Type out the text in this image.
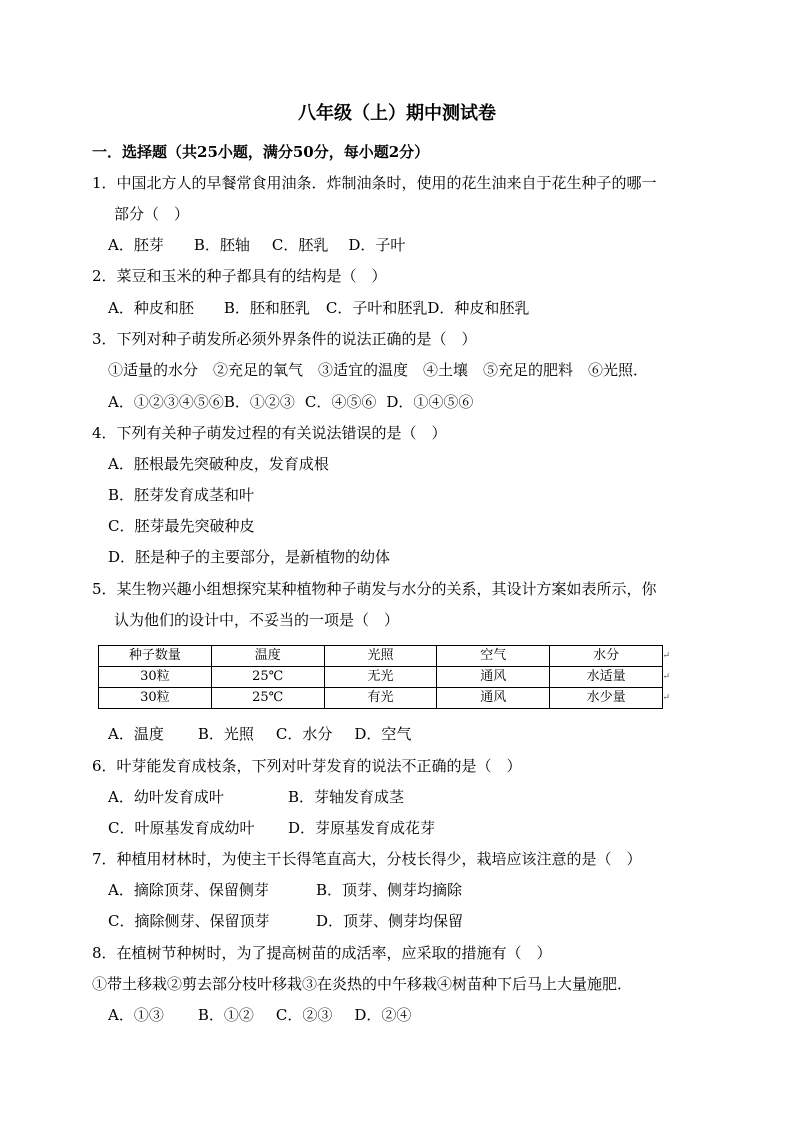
八年级（上）期中测试卷
一．选择题（共25小题，满分50分，每小题2分）
1．中国北方人的早餐常食用油条．炸制油条时，使用的花生油来自于花生种子的哪一
部分（　）
A．胚芽 B．胚轴 C．胚乳 D．子叶
2．菜豆和玉米的种子都具有的结构是（　）
A．种皮和胚 B．胚和胚乳 C．子叶和胚乳D．种皮和胚乳
3．下列对种子萌发所必须外界条件的说法正确的是（　）
①适量的水分　②充足的氧气　③适宜的温度　④土壤　⑤充足的肥料　⑥光照．
A．①②③④⑤⑥B．①②③ C．④⑤⑥ D．①④⑤⑥
4．下列有关种子萌发过程的有关说法错误的是（　）
A．胚根最先突破种皮，发育成根
B．胚芽发育成茎和叶
C．胚芽最先突破种皮
D．胚是种子的主要部分，是新植物的幼体
5．某生物兴趣小组想探究某种植物种子萌发与水分的关系，其设计方案如表所示，你
认为他们的设计中，不妥当的一项是（　）
种子数量	温度	光照	空气	水分 ↵

30粒	25℃	无光	通风	水适量 ↵

30粒	25℃	有光	通风	水少量 ↵
A．温度 B．光照 C．水分 D．空气
6．叶芽能发育成枝条，下列对叶芽发育的说法不正确的是（　）
A．幼叶发育成叶	B．芽轴发育成茎
C．叶原基发育成幼叶 D．芽原基发育成花芽
7．种植用材林时，为使主干长得笔直高大，分枝长得少，栽培应该注意的是（　）
A．摘除顶芽、保留侧芽	B．顶芽、侧芽均摘除
C．摘除侧芽、保留顶芽	D．顶芽、侧芽均保留
8．在植树节种树时，为了提高树苗的成活率，应采取的措施有（　）
①带土移栽②剪去部分枝叶移栽③在炎热的中午移栽④树苗种下后马上大量施肥．
A．①③ B．①② C．②③ D．②④
